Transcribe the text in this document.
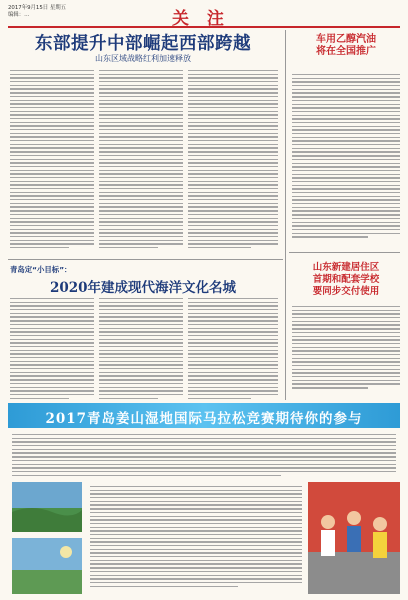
2017年9月15日 星期五
编辑：…	关 注
东部提升中部崛起西部跨越
山东区域战略红利加速释放
车用乙醇汽油
将在全国推广
青岛定“小目标”：
2020年建成现代海洋文化名城
山东新建居住区
首期和配套学校
要同步交付使用
2017青岛姜山湿地国际马拉松竞赛期待你的参与
